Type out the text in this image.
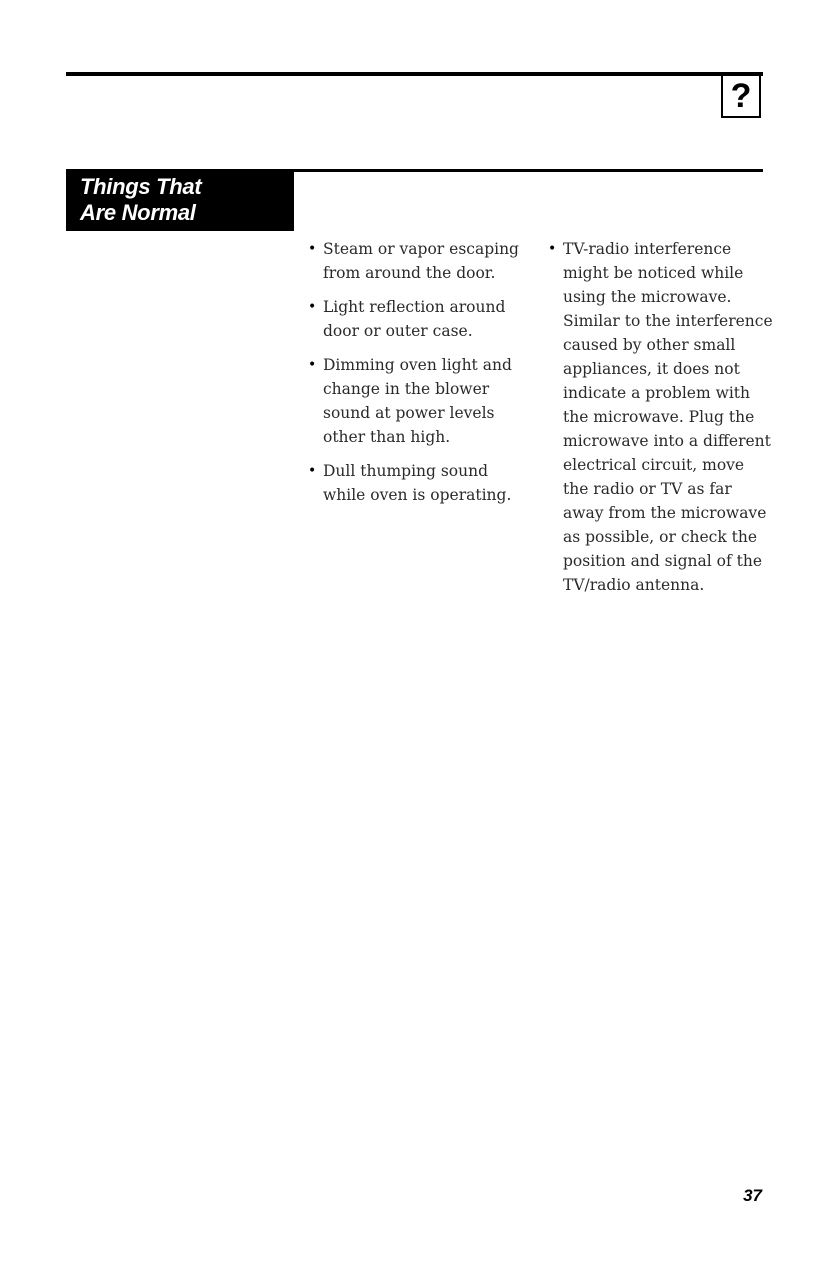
?
Things That
Are Normal
• Steam or vapor escaping from around the door.
• Light reflection around door or outer case.
• Dimming oven light and change in the blower sound at power levels other than high.
• Dull thumping sound while oven is operating.
• TV-radio interference might be noticed while using the microwave. Similar to the interference caused by other small appliances, it does not indicate a problem with the microwave. Plug the microwave into a different electrical circuit, move the radio or TV as far away from the microwave as possible, or check the position and signal of the TV/radio antenna.
37
